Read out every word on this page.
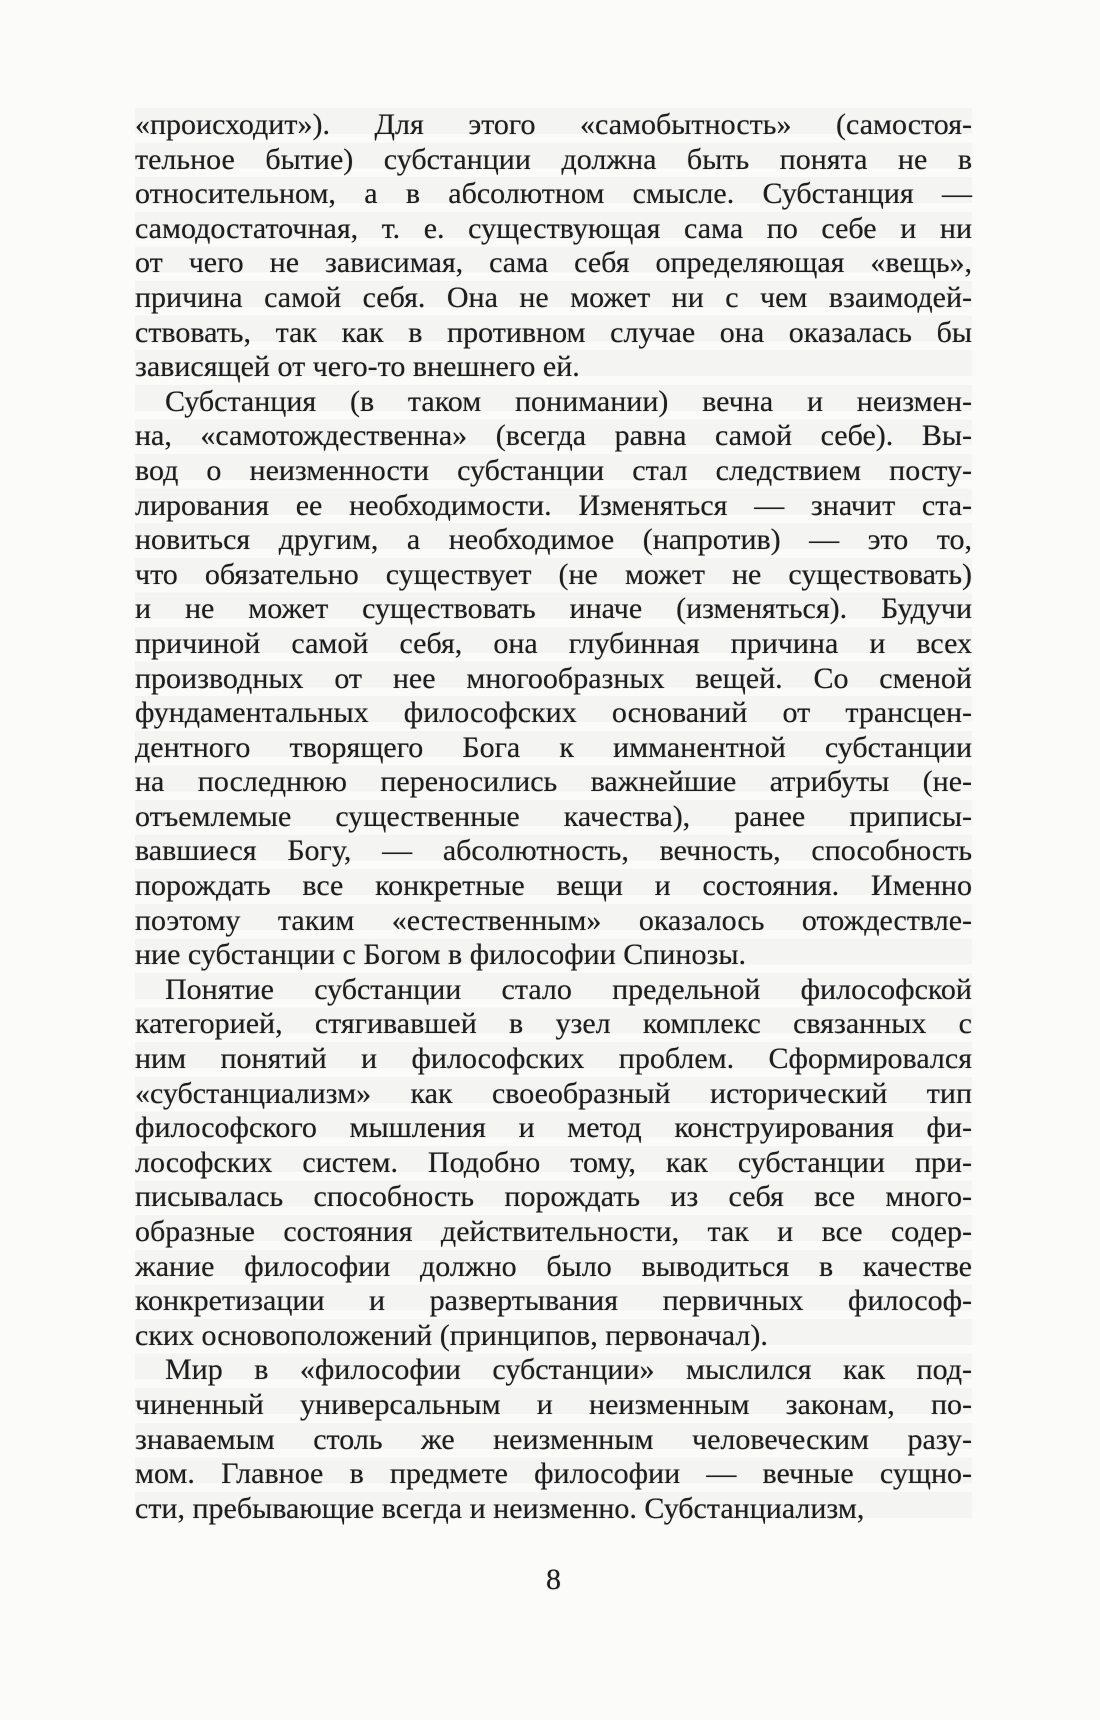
«происходит»). Для этого «самобытность» (самостоя-
тельное бытие) субстанции должна быть понята не в
относительном, а в абсолютном смысле. Субстанция —
самодостаточная, т. е. существующая сама по себе и ни
от чего не зависимая, сама себя определяющая «вещь»,
причина самой себя. Она не может ни с чем взаимодей-
ствовать, так как в противном случае она оказалась бы
зависящей от чего-то внешнего ей.
Субстанция (в таком понимании) вечна и неизмен-
на, «самотождественна» (всегда равна самой себе). Вы-
вод о неизменности субстанции стал следствием посту-
лирования ее необходимости. Изменяться — значит ста-
новиться другим, а необходимое (напротив) — это то,
что обязательно существует (не может не существовать)
и не может существовать иначе (изменяться). Будучи
причиной самой себя, она глубинная причина и всех
производных от нее многообразных вещей. Со сменой
фундаментальных философских оснований от трансцен-
дентного творящего Бога к имманентной субстанции
на последнюю переносились важнейшие атрибуты (не-
отъемлемые существенные качества), ранее приписы-
вавшиеся Богу, — абсолютность, вечность, способность
порождать все конкретные вещи и состояния. Именно
поэтому таким «естественным» оказалось отождествле-
ние субстанции с Богом в философии Спинозы.
Понятие субстанции стало предельной философской
категорией, стягивавшей в узел комплекс связанных с
ним понятий и философских проблем. Сформировался
«субстанциализм» как своеобразный исторический тип
философского мышления и метод конструирования фи-
лософских систем. Подобно тому, как субстанции при-
писывалась способность порождать из себя все много-
образные состояния действительности, так и все содер-
жание философии должно было выводиться в качестве
конкретизации и развертывания первичных философ-
ских основоположений (принципов, первоначал).
Мир в «философии субстанции» мыслился как под-
чиненный универсальным и неизменным законам, по-
знаваемым столь же неизменным человеческим разу-
мом. Главное в предмете философии — вечные сущно-
сти, пребывающие всегда и неизменно. Субстанциализм,
8
